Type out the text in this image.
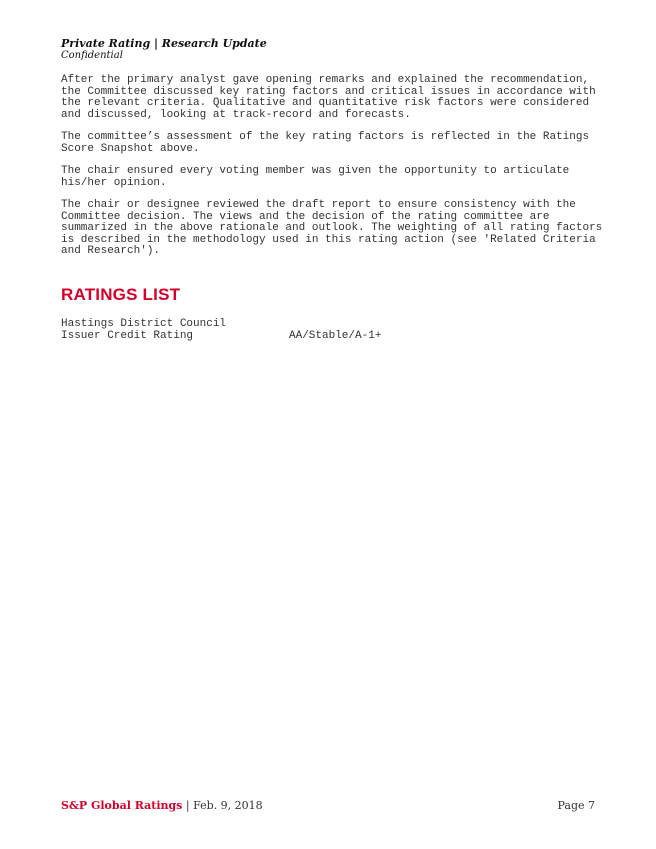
Private Rating | Research Update
Confidential

After the primary analyst gave opening remarks and explained the recommendation,
the Committee discussed key rating factors and critical issues in accordance with
the relevant criteria. Qualitative and quantitative risk factors were considered
and discussed, looking at track-record and forecasts.

The committee’s assessment of the key rating factors is reflected in the Ratings
Score Snapshot above.

The chair ensured every voting member was given the opportunity to articulate
his/her opinion.

The chair or designee reviewed the draft report to ensure consistency with the
Committee decision. The views and the decision of the rating committee are
summarized in the above rationale and outlook. The weighting of all rating factors
is described in the methodology used in this rating action (see 'Related Criteria
and Research').

RATINGS LIST
Hastings District Council
Issuer Credit Rating	AA/Stable/A-1+
S&P Global Ratings | Feb. 9, 2018	Page 7
